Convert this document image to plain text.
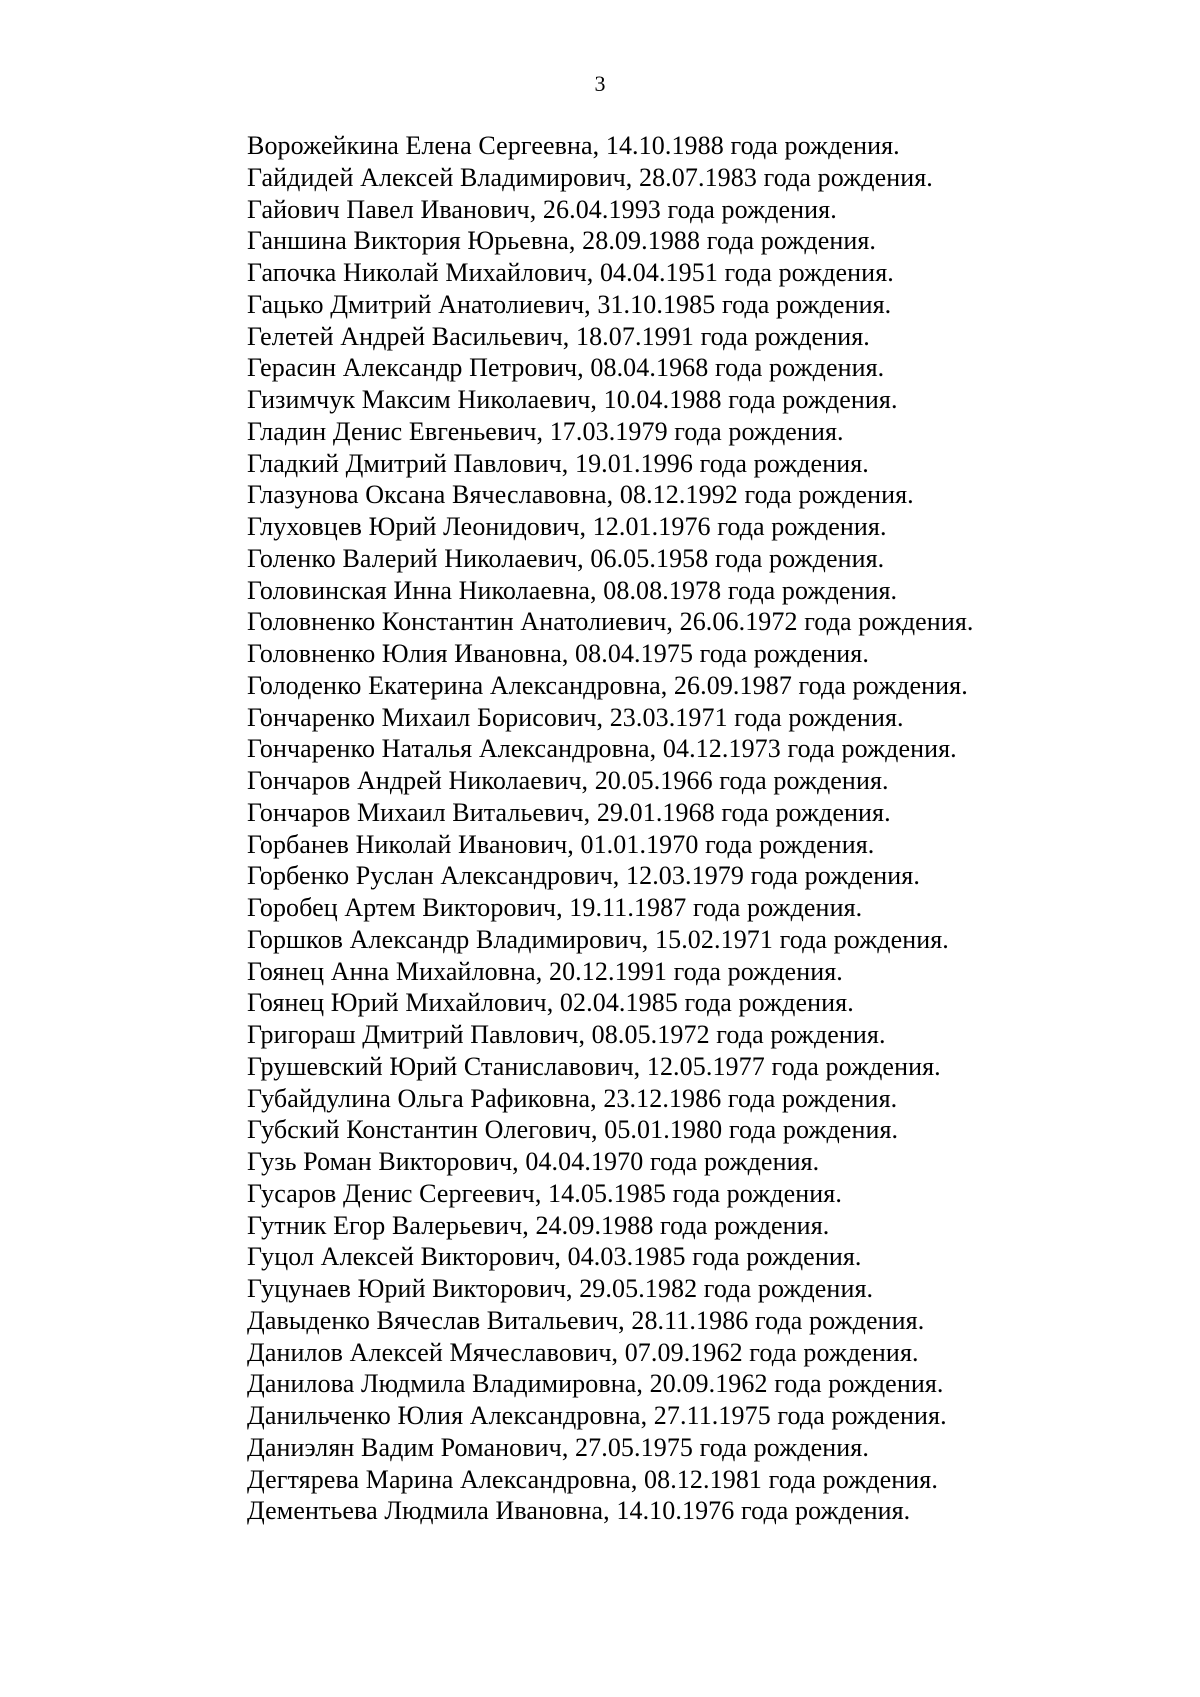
3
Ворожейкина Елена Сергеевна, 14.10.1988 года рождения.
Гайдидей Алексей Владимирович, 28.07.1983 года рождения.
Гайович Павел Иванович, 26.04.1993 года рождения.
Ганшина Виктория Юрьевна, 28.09.1988 года рождения.
Гапочка Николай Михайлович, 04.04.1951 года рождения.
Гацько Дмитрий Анатолиевич, 31.10.1985 года рождения.
Гелетей Андрей Васильевич, 18.07.1991 года рождения.
Герасин Александр Петрович, 08.04.1968 года рождения.
Гизимчук Максим Николаевич, 10.04.1988 года рождения.
Гладин Денис Евгеньевич, 17.03.1979 года рождения.
Гладкий Дмитрий Павлович, 19.01.1996 года рождения.
Глазунова Оксана Вячеславовна, 08.12.1992 года рождения.
Глуховцев Юрий Леонидович, 12.01.1976 года рождения.
Голенко Валерий Николаевич, 06.05.1958 года рождения.
Головинская Инна Николаевна, 08.08.1978 года рождения.
Головненко Константин Анатолиевич, 26.06.1972 года рождения.
Головненко Юлия Ивановна, 08.04.1975 года рождения.
Голоденко Екатерина Александровна, 26.09.1987 года рождения.
Гончаренко Михаил Борисович, 23.03.1971 года рождения.
Гончаренко Наталья Александровна, 04.12.1973 года рождения.
Гончаров Андрей Николаевич, 20.05.1966 года рождения.
Гончаров Михаил Витальевич, 29.01.1968 года рождения.
Горбанев Николай Иванович, 01.01.1970 года рождения.
Горбенко Руслан Александрович, 12.03.1979 года рождения.
Горобец Артем Викторович, 19.11.1987 года рождения.
Горшков Александр Владимирович, 15.02.1971 года рождения.
Гоянец Анна Михайловна, 20.12.1991 года рождения.
Гоянец Юрий Михайлович, 02.04.1985 года рождения.
Григораш Дмитрий Павлович, 08.05.1972 года рождения.
Грушевский Юрий Станиславович, 12.05.1977 года рождения.
Губайдулина Ольга Рафиковна, 23.12.1986 года рождения.
Губский Константин Олегович, 05.01.1980 года рождения.
Гузь Роман Викторович, 04.04.1970 года рождения.
Гусаров Денис Сергеевич, 14.05.1985 года рождения.
Гутник Егор Валерьевич, 24.09.1988 года рождения.
Гуцол Алексей Викторович, 04.03.1985 года рождения.
Гуцунаев Юрий Викторович, 29.05.1982 года рождения.
Давыденко Вячеслав Витальевич, 28.11.1986 года рождения.
Данилов Алексей Мячеславович, 07.09.1962 года рождения.
Данилова Людмила Владимировна, 20.09.1962 года рождения.
Данильченко Юлия Александровна, 27.11.1975 года рождения.
Даниэлян Вадим Романович, 27.05.1975 года рождения.
Дегтярева Марина Александровна, 08.12.1981 года рождения.
Дементьева Людмила Ивановна, 14.10.1976 года рождения.
